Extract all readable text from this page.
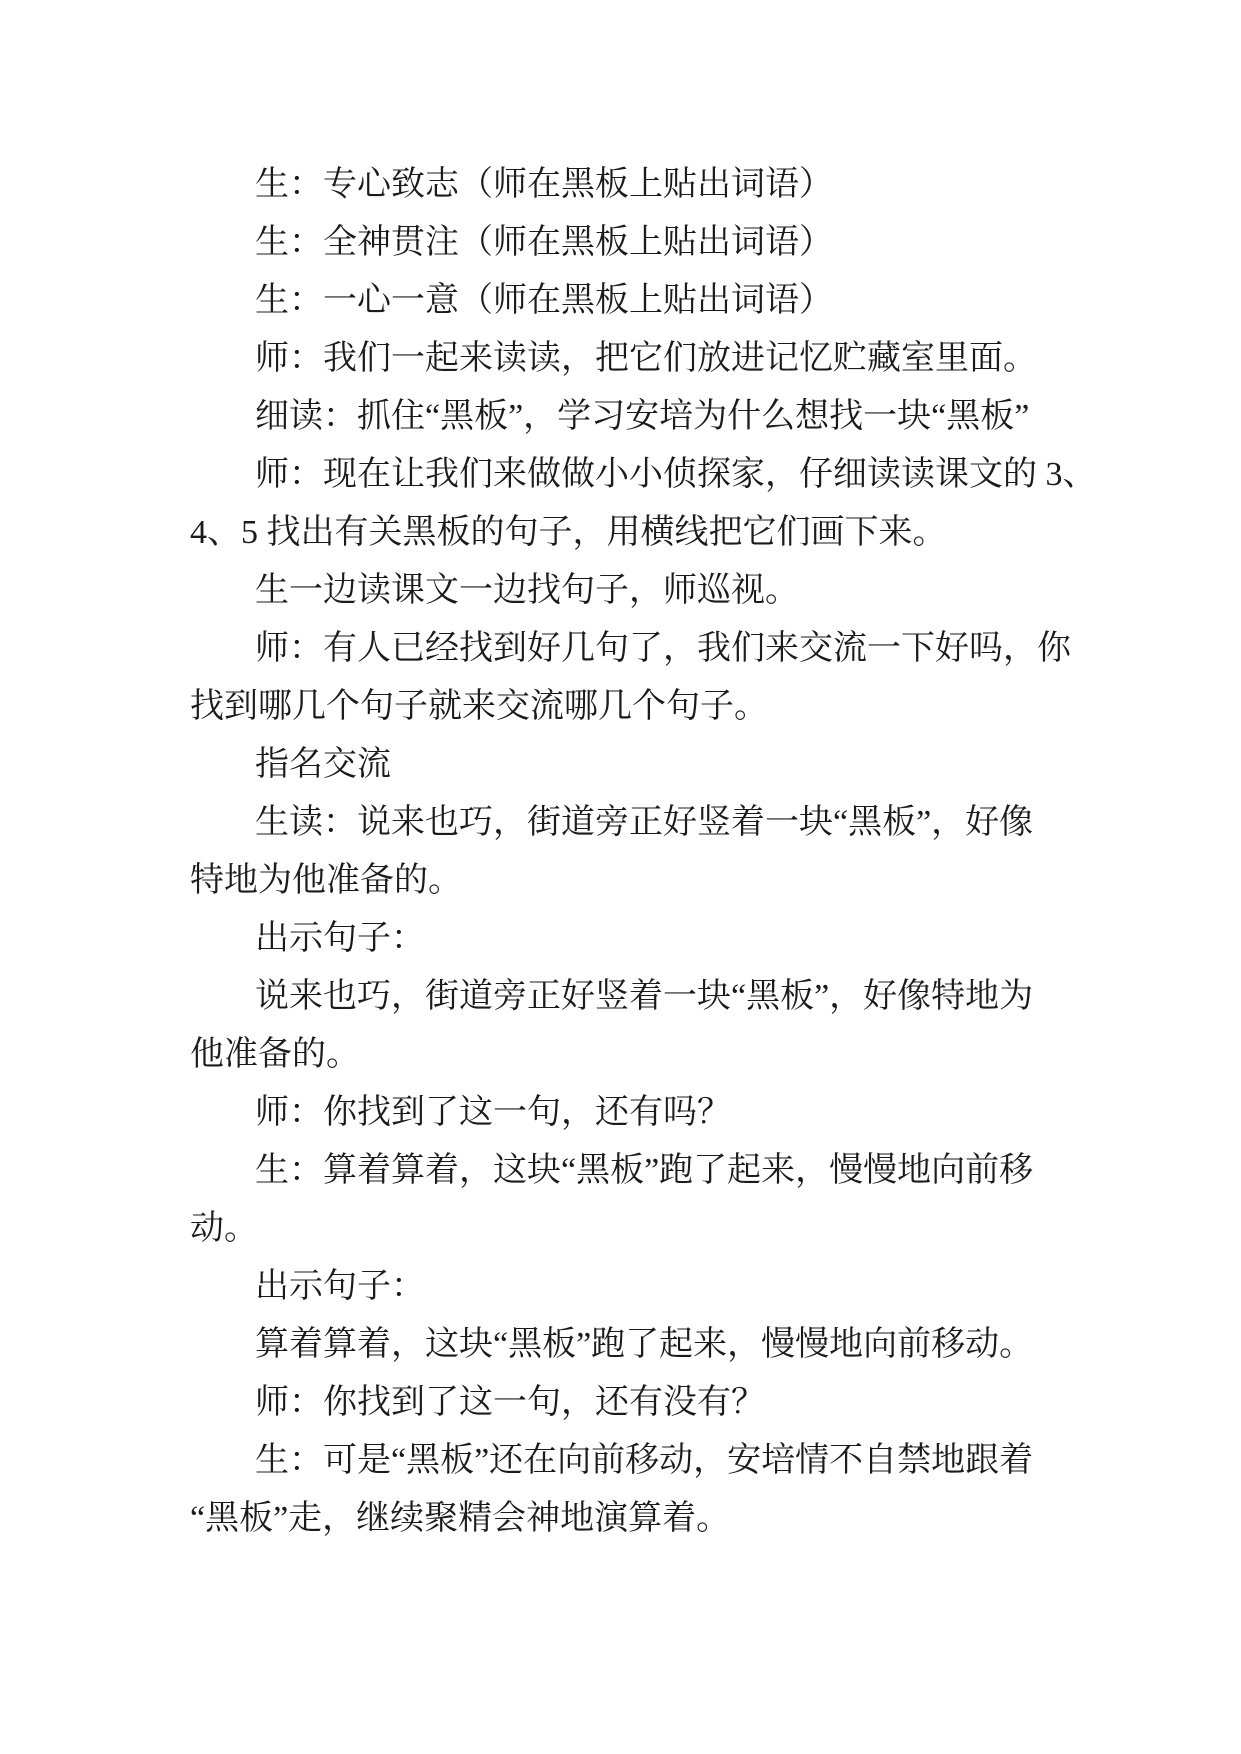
生：专心致志（师在黑板上贴出词语）
生：全神贯注（师在黑板上贴出词语）
生：一心一意（师在黑板上贴出词语）
师：我们一起来读读，把它们放进记忆贮藏室里面。
细读：抓住“黑板”，学习安培为什么想找一块“黑板”
师：现在让我们来做做小小侦探家，仔细读读课文的 3、
4、5 找出有关黑板的句子，用横线把它们画下来。
生一边读课文一边找句子，师巡视。
师：有人已经找到好几句了，我们来交流一下好吗，你
找到哪几个句子就来交流哪几个句子。
指名交流
生读：说来也巧，街道旁正好竖着一块“黑板”，好像
特地为他准备的。
出示句子：
说来也巧，街道旁正好竖着一块“黑板”，好像特地为
他准备的。
师：你找到了这一句，还有吗？
生：算着算着，这块“黑板”跑了起来，慢慢地向前移
动。
出示句子：
算着算着，这块“黑板”跑了起来，慢慢地向前移动。
师：你找到了这一句，还有没有？
生：可是“黑板”还在向前移动，安培情不自禁地跟着
“黑板”走，继续聚精会神地演算着。
